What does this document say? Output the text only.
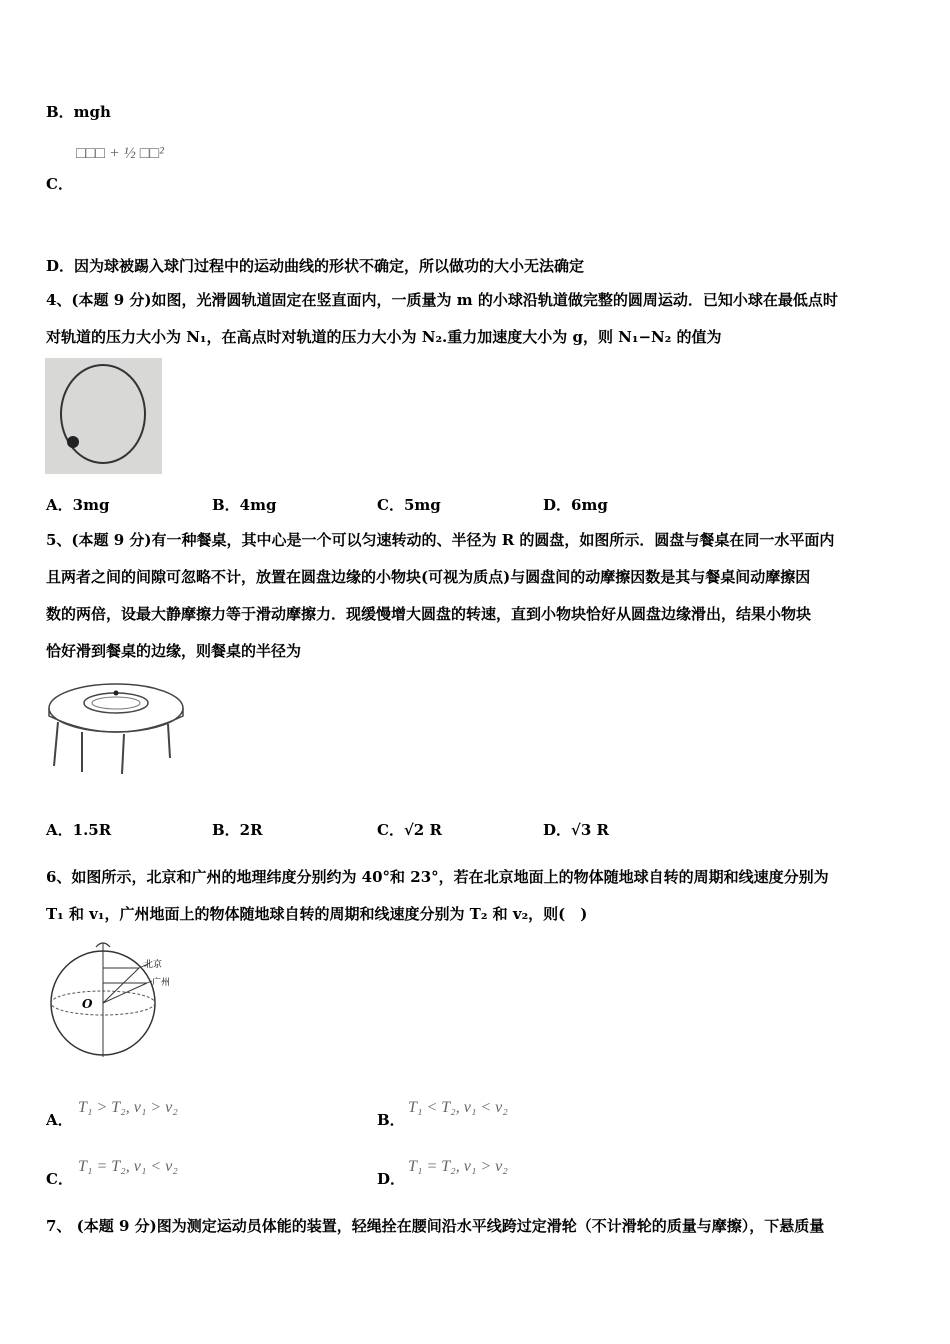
B．mgh
□□□ + ½ □□²
C．
D．因为球被踢入球门过程中的运动曲线的形状不确定，所以做功的大小无法确定
4、(本题 9 分)如图，光滑圆轨道固定在竖直面内，一质量为 m 的小球沿轨道做完整的圆周运动．已知小球在最低点时
对轨道的压力大小为 N₁，在高点时对轨道的压力大小为 N₂.重力加速度大小为 g，则 N₁−N₂ 的值为
A．3mg	B．4mg	C．5mg	D．6mg
5、(本题 9 分)有一种餐桌，其中心是一个可以匀速转动的、半径为 R 的圆盘，如图所示．圆盘与餐桌在同一水平面内
且两者之间的间隙可忽略不计，放置在圆盘边缘的小物块(可视为质点)与圆盘间的动摩擦因数是其与餐桌间动摩擦因
数的两倍，设最大静摩擦力等于滑动摩擦力．现缓慢增大圆盘的转速，直到小物块恰好从圆盘边缘滑出，结果小物块
恰好滑到餐桌的边缘，则餐桌的半径为
A．1.5R	B．2R	C．√2 R	D．√3 R
6、如图所示，北京和广州的地理纬度分别约为 40°和 23°，若在北京地面上的物体随地球自转的周期和线速度分别为
T₁ 和 v₁，广州地面上的物体随地球自转的周期和线速度分别为 T₂ 和 v₂，则(　)
北京
广州
O
A．
T₁ > T₂, v₁ > v₂
B．
T₁ < T₂, v₁ < v₂
C．
T₁ = T₂, v₁ < v₂
D．
T₁ = T₂, v₁ > v₂
7、 (本题 9 分)图为测定运动员体能的装置，轻绳拴在腰间沿水平线跨过定滑轮（不计滑轮的质量与摩擦），下悬质量
